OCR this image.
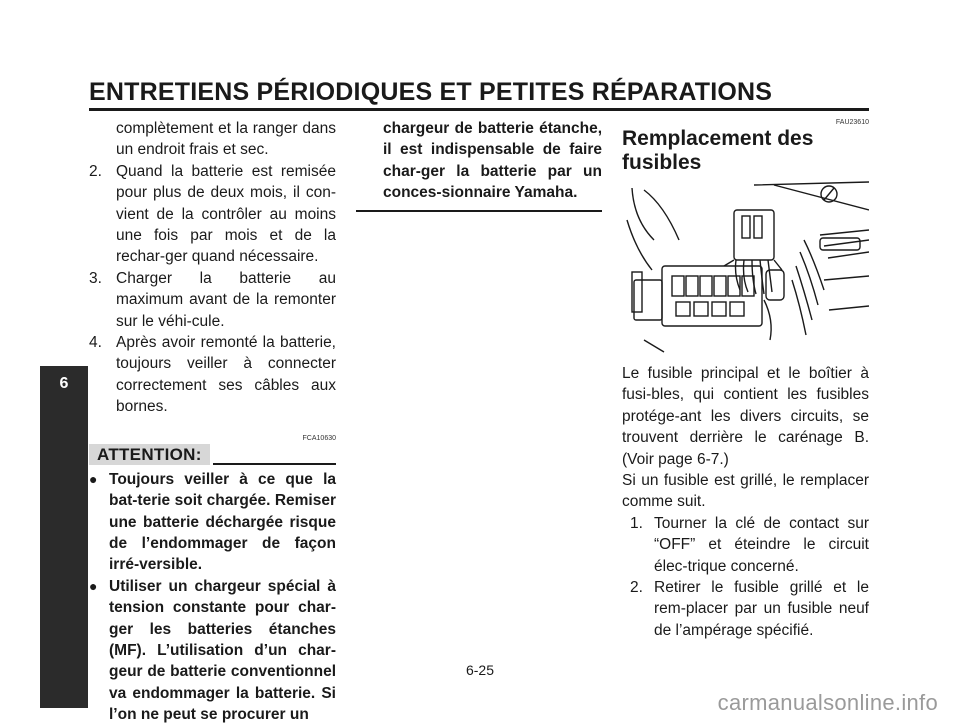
ENTRETIENS PÉRIODIQUES ET PETITES RÉPARATIONS
6

complètement et la ranger dans un endroit frais et sec.

2. Quand la batterie est remisée pour plus de deux mois, il con-vient de la contrôler au moins une fois par mois et de la rechar-ger quand nécessaire.
3. Charger la batterie au maximum avant de la remonter sur le véhi-cule.
4. Après avoir remonté la batterie, toujours veiller à connecter correctement ses câbles aux bornes.
FCA10630
ATTENTION:
● Toujours veiller à ce que la bat-terie soit chargée. Remiser une batterie déchargée risque de l’endommager de façon irré-versible.
● Utiliser un chargeur spécial à tension constante pour char-ger les batteries étanches (MF). L’utilisation d’un char-geur de batterie conventionnel va endommager la batterie. Si l’on ne peut se procurer un

chargeur de batterie étanche, il est indispensable de faire char-ger la batterie par un conces-sionnaire Yamaha.

FAU23610
Remplacement des fusibles

Le fusible principal et le boîtier à fusi-bles, qui contient les fusibles protége-ant les divers circuits, se trouvent derrière le carénage B. (Voir page 6-7.)

Si un fusible est grillé, le remplacer comme suit.

1. Tourner la clé de contact sur “OFF” et éteindre le circuit élec-trique concerné.
2. Retirer le fusible grillé et le rem-placer par un fusible neuf de l’ampérage spécifié.
6-25
carmanualsonline.info
